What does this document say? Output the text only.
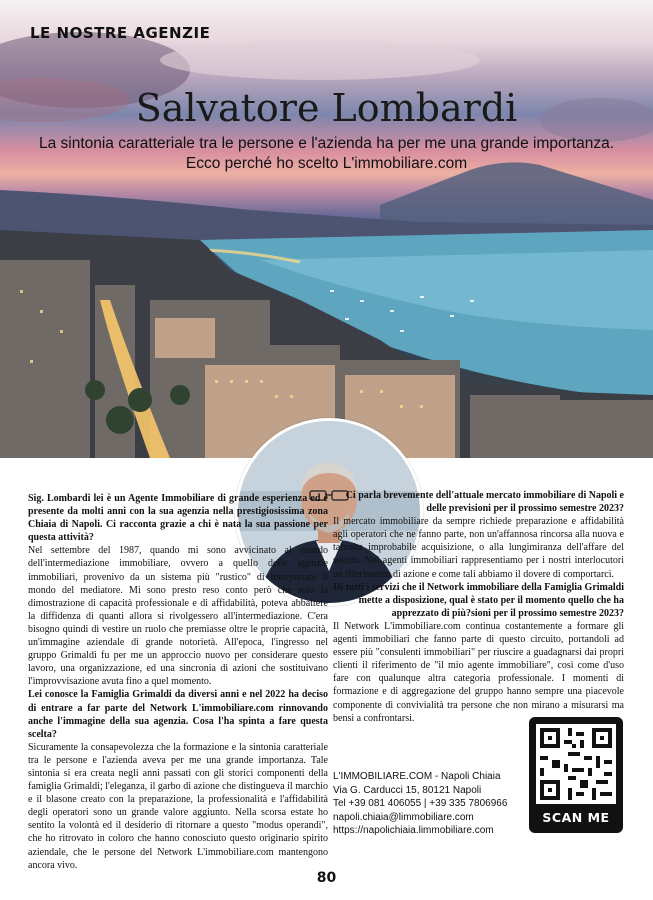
LE NOSTRE AGENZIE
Salvatore Lombardi
La sintonia caratteriale tra le persone e l'azienda ha per me una grande importanza.
Ecco perché ho scelto L'immobiliare.com

Sig. Lombardi lei è un Agente Immobiliare di grande esperienza ed è presente da molti anni con la sua agenzia nella prestigiosissima zona Chiaia di Napoli. Ci racconta grazie a chi è nata la sua passione per questa attività?

Nel settembre del 1987, quando mi sono avvicinato al mondo dell'intermediazione immobiliare, ovvero a quello delle agenzie immobiliari, provenivo da un sistema più "rustico" di interpretare il mondo del mediatore. Mi sono presto reso conto però che solo la dimostrazione di capacità professionale e di affidabilità, poteva abbattere la diffidenza di quanti allora si rivolgessero all'intermediazione. C'era bisogno quindi di vestire un ruolo che premiasse oltre le proprie capacità, un'immagine aziendale di grande notorietà. All'epoca, l'ingresso nel gruppo Grimaldi fu per me un approccio nuovo per considerare questo lavoro, una organizzazione, ed una sincronia di azioni che sostituivano l'improvvisazione avuta fino a quel momento.

Lei conosce la Famiglia Grimaldi da diversi anni e nel 2022 ha deciso di entrare a far parte del Network L'immobiliare.com rinnovando anche l'immagine della sua agenzia. Cosa l'ha spinta a fare questa scelta?

Sicuramente la consapevolezza che la formazione e la sintonia caratteriale tra le persone e l'azienda aveva per me una grande importanza. Tale sintonia si era creata negli anni passati con gli storici componenti della famiglia Grimaldi; l'eleganza, il garbo di azione che distingueva il marchio e il blasone creato con la preparazione, la professionalità e l'affidabilità degli operatori sono un grande valore aggiunto. Nella scorsa estate ho sentito la volontà ed il desiderio di ritornare a questo "modus operandi", che ho ritrovato in coloro che hanno conosciuto questo originario spirito aziendale, che le persone del Network L'immobiliare.com mantengono ancora vivo.

Ci parla brevemente dell'attuale mercato immobiliare di Napoli e delle previsioni per il prossimo semestre 2023?

Il mercato immobiliare da sempre richiede preparazione e affidabilità agli operatori che ne fanno parte, non un'affannosa rincorsa alla nuova e talvolta improbabile acquisizione, o alla lungimiranza dell'affare del secolo. Noi agenti immobiliari rappresentiamo per i nostri interlocutori un riferimento di azione e come tali abbiamo il dovere di comportarci.

Di tutti i servizi che il Network immobiliare della Famiglia Grimaldi mette a disposizione, qual è stato per il momento quello che ha apprezzato di più?sioni per il prossimo semestre 2023?

Il Network L'immobiliare.com continua costantemente a formare gli agenti immobiliari che fanno parte di questo circuito, portandoli ad essere più "consulenti immobiliari" per riuscire a guadagnarsi dai propri clienti il riferimento de "il mio agente immobiliare", così come d'uso fare con qualunque altra categoria professionale. I momenti di formazione e di aggregazione del gruppo hanno sempre una piacevole componente di convivialità tra persone che non mirano a misurarsi ma bensì a confrontarsi.

L'IMMOBILIARE.COM - Napoli Chiaia
Via G. Carducci 15, 80121 Napoli
Tel +39 081 406055 | +39 335 7806966
napoli.chiaia@limmobiliare.com
https://napolichiaia.limmobiliare.com
SCAN ME
80
